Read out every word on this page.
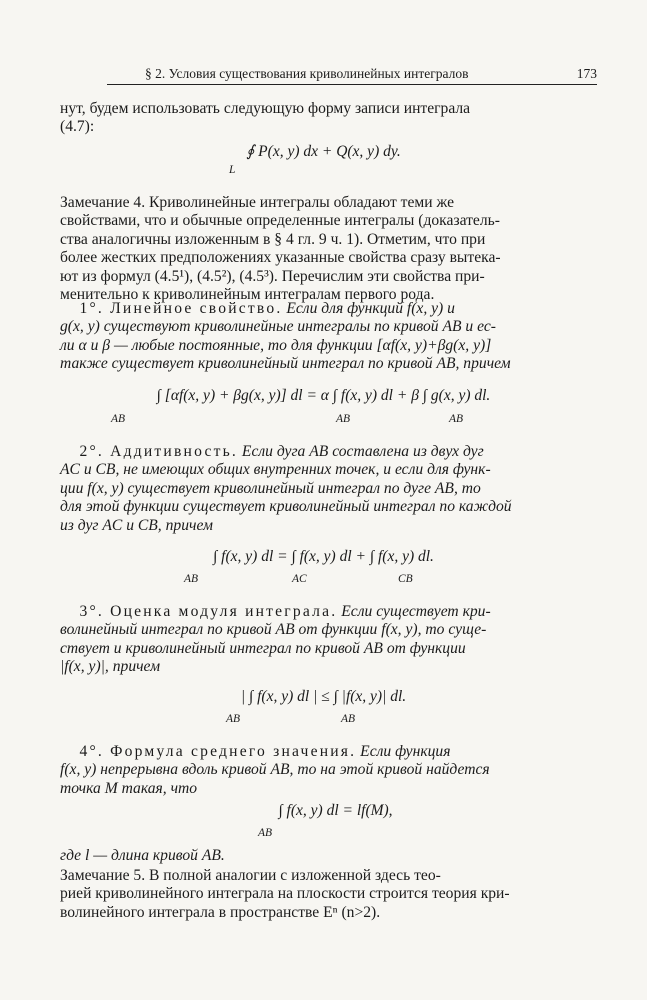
§ 2. Условия существования криволинейных интегралов	173
нут, будем использовать следующую форму записи интеграла
(4.7):
∮ P(x, y) dx + Q(x, y) dy.
L
Замечание 4. Криволинейные интегралы обладают теми же
свойствами, что и обычные определенные интегралы (доказатель-
ства аналогичны изложенным в § 4 гл. 9 ч. 1). Отметим, что при
более жестких предположениях указанные свойства сразу вытека-
ют из формул (4.5¹), (4.5²), (4.5³). Перечислим эти свойства при-
менительно к криволинейным интегралам первого рода.
1°. Линейное свойство. Если для функций f(x, y) и
g(x, y) существуют криволинейные интегралы по кривой AB и ес-
ли α и β — любые постоянные, то для функции [αf(x, y)+βg(x, y)]
также существует криволинейный интеграл по кривой AB, причем
∫ [αf(x, y) + βg(x, y)] dl = α ∫ f(x, y) dl + β ∫ g(x, y) dl.
AB	AB	AB
2°. Аддитивность. Если дуга AB составлена из двух дуг
AC и CB, не имеющих общих внутренних точек, и если для функ-
ции f(x, y) существует криволинейный интеграл по дуге AB, то
для этой функции существует криволинейный интеграл по каждой
из дуг AC и CB, причем
∫ f(x, y) dl = ∫ f(x, y) dl + ∫ f(x, y) dl.
AB	AC	CB
3°. Оценка модуля интеграла. Если существует кри-
волинейный интеграл по кривой AB от функции f(x, y), то суще-
ствует и криволинейный интеграл по кривой AB от функции
|f(x, y)|, причем
| ∫ f(x, y) dl | ≤ ∫ |f(x, y)| dl.
AB	AB
4°. Формула среднего значения. Если функция
f(x, y) непрерывна вдоль кривой AB, то на этой кривой найдется
точка M такая, что
∫ f(x, y) dl = lf(M),
AB
где l — длина кривой AB.
Замечание 5. В полной аналогии с изложенной здесь тео-
рией криволинейного интеграла на плоскости строится теория кри-
волинейного интеграла в пространстве Eⁿ (n>2).
